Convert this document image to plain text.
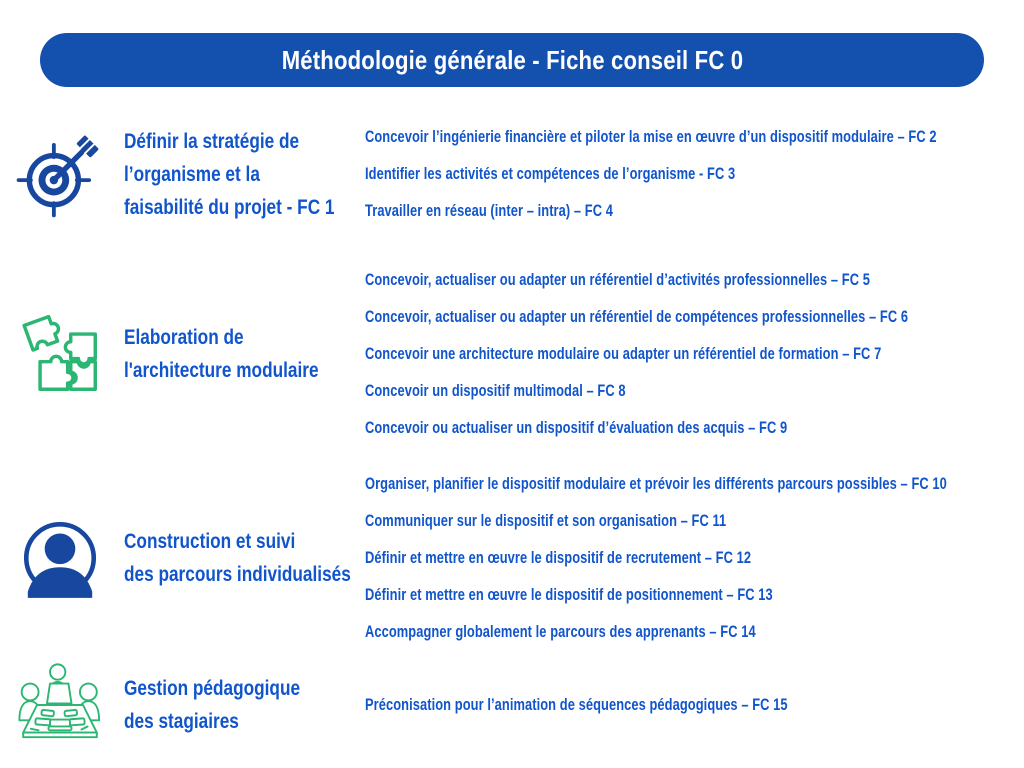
Méthodologie générale - Fiche conseil FC 0
Définir la stratégie de
l’organisme et la
faisabilité du projet - FC 1
Concevoir l’ingénierie financière et piloter la mise en œuvre d’un dispositif modulaire – FC 2
Identifier les activités et compétences de l’organisme - FC 3
Travailler en réseau (inter – intra) – FC 4
Elaboration de
l'architecture modulaire
Concevoir, actualiser ou adapter un référentiel d’activités professionnelles – FC 5
Concevoir, actualiser ou adapter un référentiel de compétences professionnelles – FC 6
Concevoir une architecture modulaire ou adapter un référentiel de formation – FC 7
Concevoir un dispositif multimodal – FC 8
Concevoir ou actualiser un dispositif d’évaluation des acquis – FC 9
Construction et suivi
des parcours individualisés
Organiser, planifier le dispositif modulaire et prévoir les différents parcours possibles – FC 10
Communiquer sur le dispositif et son organisation – FC 11
Définir et mettre en œuvre le dispositif de recrutement – FC 12
Définir et mettre en œuvre le dispositif de positionnement – FC 13
Accompagner globalement le parcours des apprenants – FC 14
Gestion pédagogique
des stagiaires
Préconisation pour l’animation de séquences pédagogiques – FC 15
